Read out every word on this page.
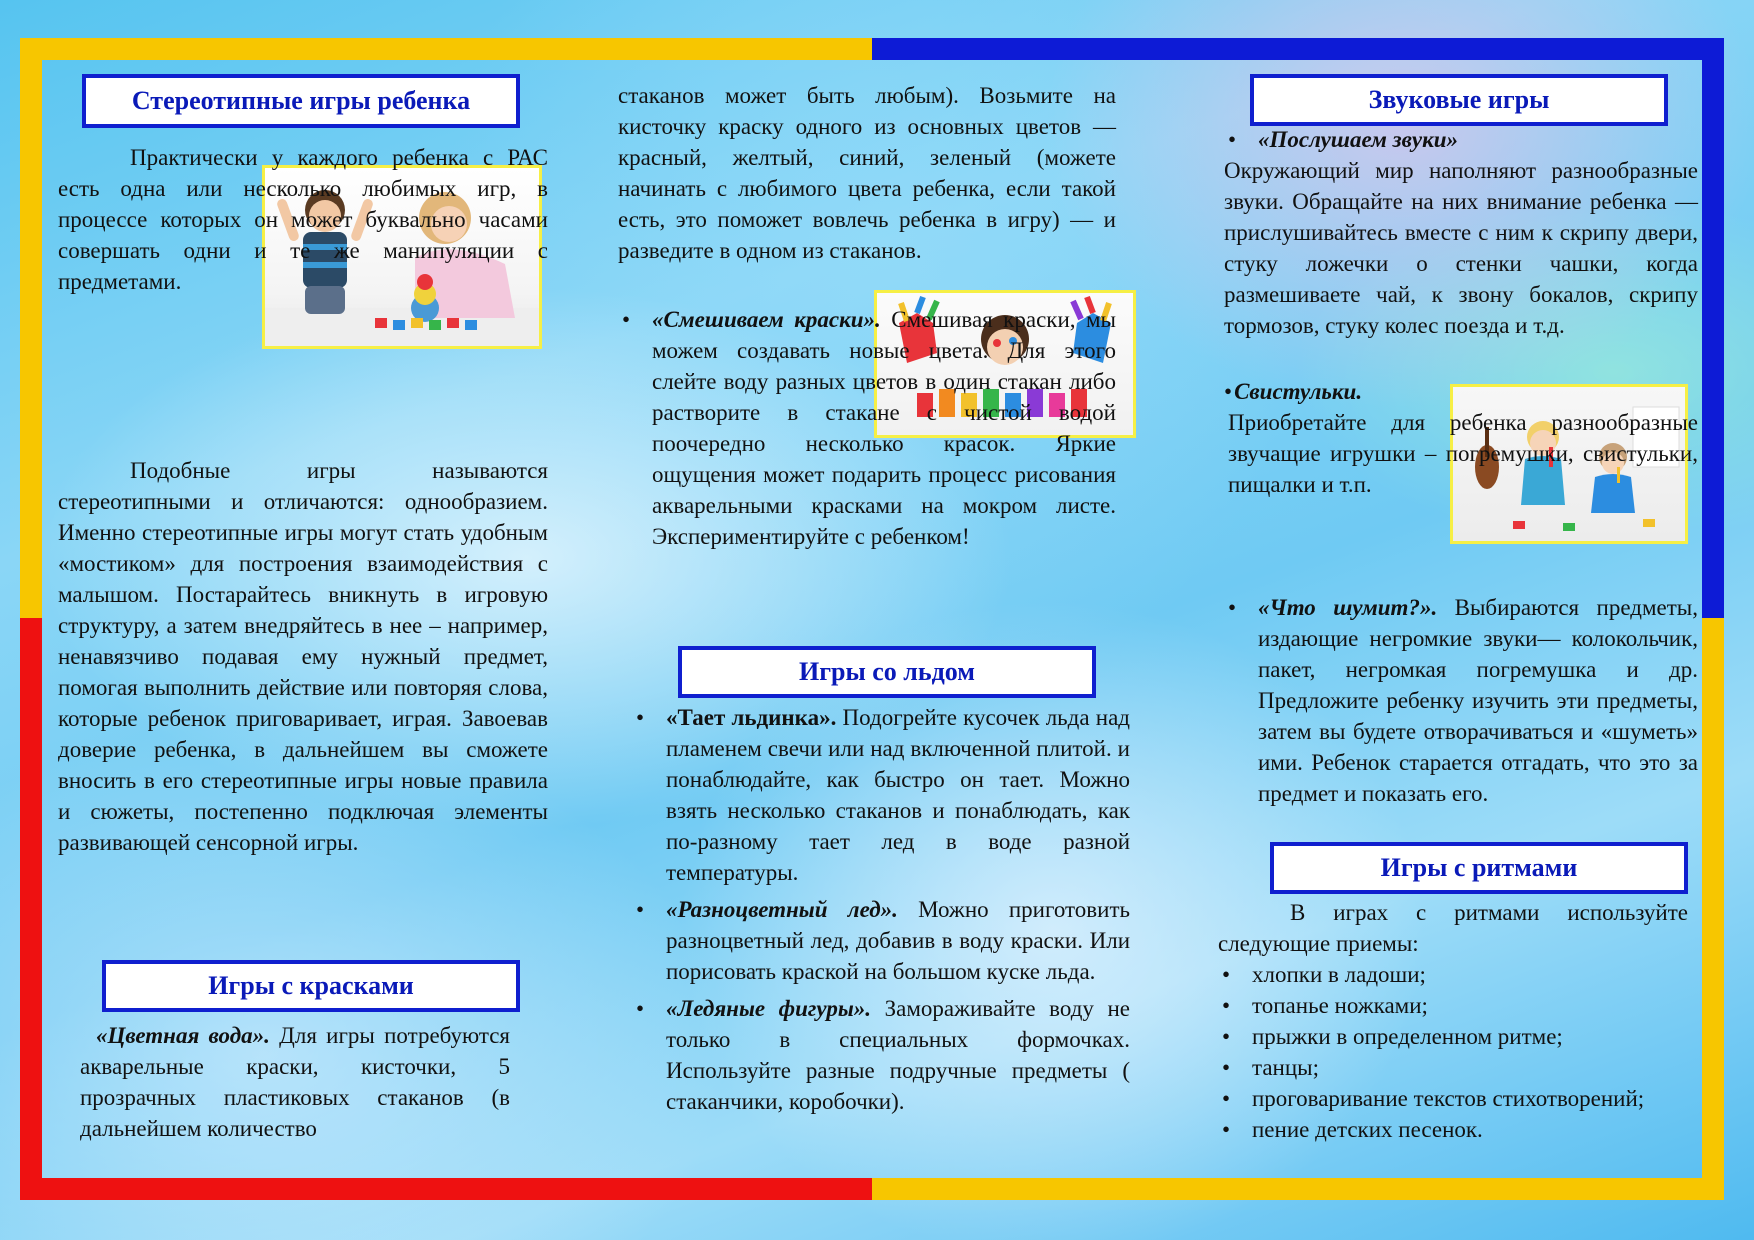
Стереотипные игры ребенка

Практически у каждого ребенка с РАС есть одна или несколько любимых игр, в процессе которых он может буквально часами совершать одни и те же манипуляции с предметами.

Подобные игры называются стереотипными и отличаются: однообразием. Именно стереотипные игры могут стать удобным «мостиком» для построения взаимодействия с малышом. Постарайтесь вникнуть в игровую структуру, а затем внедряйтесь в нее – например, ненавязчиво подавая ему нужный предмет, помогая выполнить действие или повторяя слова, которые ребенок приговаривает, играя. Завоевав доверие ребенка, в дальнейшем вы сможете вносить в его стереотипные игры новые правила и сюжеты, постепенно подключая элементы развивающей сенсорной игры.

Игры с красками

«Цветная вода». Для игры потребуются акварельные краски, кисточки, 5 прозрачных пластиковых стаканов (в дальнейшем количество

стаканов может быть любым). Возьмите на кисточку краску одного из основных цветов — красный, желтый, синий, зеленый (можете начинать с любимого цвета ребенка, если такой есть, это поможет вовлечь ребенка в игру) — и разведите в одном из стаканов.

• «Смешиваем краски». Смешивая краски, мы можем создавать новые цвета. Для этого слейте воду разных цветов в один стакан либо растворите в стакане с чистой водой поочередно несколько красок. Яркие ощущения может подарить процесс рисования акварельными красками на мокром листе. Экспериментируйте с ребенком!

Игры со льдом

• «Тает льдинка». Подогрейте кусочек льда над пламенем свечи или над включенной плитой. и понаблюдайте, как быстро он тает. Можно взять несколько стаканов и понаблюдать, как по-разному тает лед в воде разной температуры.

• «Разноцветный лед». Можно приготовить разноцветный лед, добавив в воду краски. Или порисовать краской на большом куске льда.

• «Ледяные фигуры». Замораживайте воду не только в специальных формочках. Используйте разные подручные предметы ( стаканчики, коробочки).

Звуковые игры

• «Послушаем звуки»

Окружающий мир наполняют разнообразные звуки. Обращайте на них внимание ребенка — прислушивайтесь вместе с ним к скрипу двери, стуку ложечки о стенки чашки, когда размешиваете чай, к звону бокалов, скрипу тормозов, стуку колес поезда и т.д.

•Свистульки.

Приобретайте для ребенка разнообразные звучащие игрушки – погремушки, свистульки, пищалки и т.п.

• «Что шумит?». Выбираются предметы, издающие негромкие звуки— колокольчик, пакет, негромкая погремушка и др. Предложите ребенку изучить эти предметы, затем вы будете отворачиваться и «шуметь» ими. Ребенок старается отгадать, что это за предмет и показать его.

Игры с ритмами

В играх с ритмами используйте следующие приемы:

• хлопки в ладоши;

• топанье ножками;

• прыжки в определенном ритме;

• танцы;

• проговаривание текстов стихотворений;

• пение детских песенок.
